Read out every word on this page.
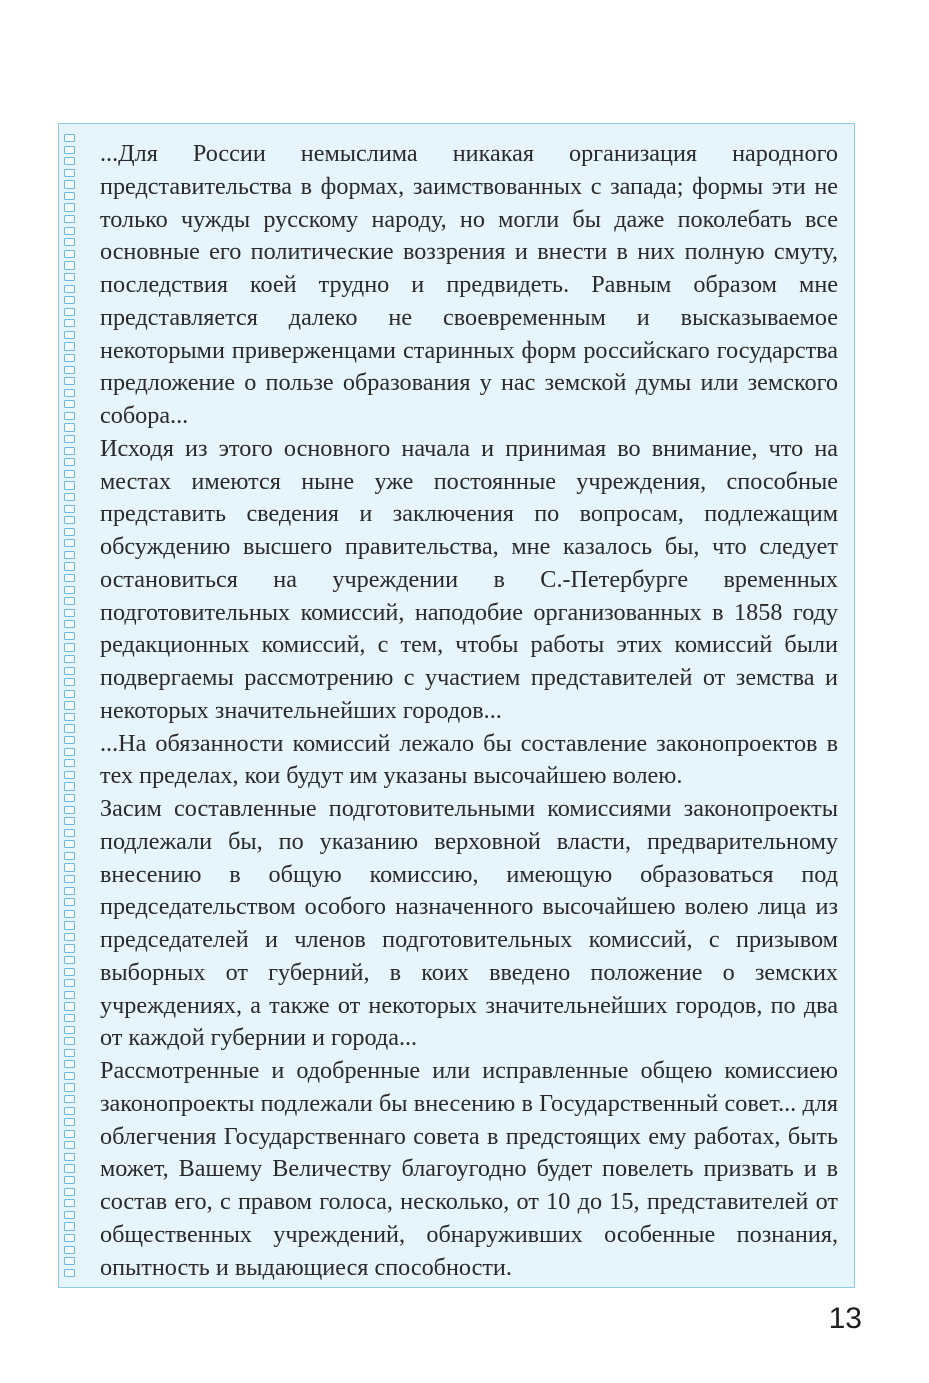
...Для России немыслима никакая организация народного представительства в формах, заимствованных с запада; формы эти не только чужды русскому народу, но могли бы даже поколебать все основные его политические воззрения и внести в них полную смуту, последствия коей трудно и предвидеть. Равным образом мне представляется далеко не своевременным и высказываемое некоторыми приверженцами старинных форм российскаго государства предложение о пользе образования у нас земской думы или земского собора...

Исходя из этого основного начала и принимая во внимание, что на местах имеются ныне уже постоянные учреждения, способные представить сведения и заключения по вопросам, подлежащим обсуждению высшего правительства, мне казалось бы, что следует остановиться на учреждении в С.-Петербурге временных подготовительных комиссий, наподобие организованных в 1858 году редакционных комиссий, с тем, чтобы работы этих комиссий были подвергаемы рассмотрению с участием представителей от земства и некоторых значительнейших городов...

...На обязанности комиссий лежало бы составление законопроектов в тех пределах, кои будут им указаны высочайшею волею.

Засим составленные подготовительными комиссиями законопроекты подлежали бы, по указанию верховной власти, предварительному внесению в общую комиссию, имеющую образоваться под председательством особого назначенного высочайшею волею лица из председателей и членов подготовительных комиссий, с призывом выборных от губерний, в коих введено положение о земских учреждениях, а также от некоторых значительнейших городов, по два от каждой губернии и города...

Рассмотренные и одобренные или исправленные общею комиссиею законопроекты подлежали бы внесению в Государственный совет... для облегчения Государственнаго совета в предстоящих ему работах, быть может, Вашему Величеству благоугодно будет повелеть призвать и в состав его, с правом голоса, несколько, от 10 до 15, представителей от общественных учреждений, обнаруживших особенные познания, опытность и выдающиеся способности.

13
